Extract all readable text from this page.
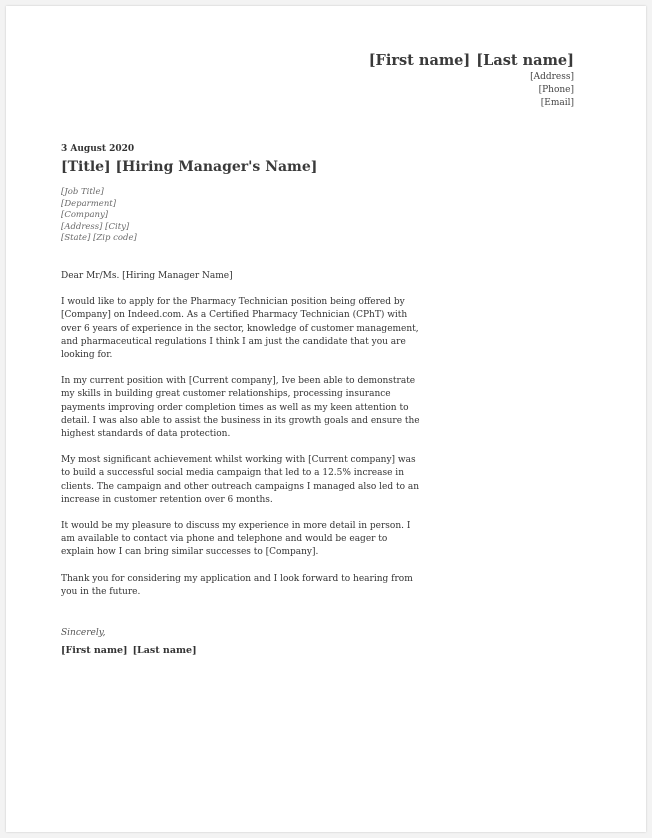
[First name] [Last name]
[Address]
[Phone]
[Email]
3 August 2020
[Title] [Hiring Manager's Name]
[Job Title]
[Deparment]
[Company]
[Address] [City]
[State] [Zip code]

Dear Mr/Ms. [Hiring Manager Name]

I would like to apply for the Pharmacy Technician position being offered by [Company] on Indeed.com. As a Certified Pharmacy Technician (CPhT) with over 6 years of experience in the sector, knowledge of customer management, and pharmaceutical regulations I think I am just the candidate that you are looking for.

In my current position with [Current company], Ive been able to demonstrate my skills in building great customer relationships, processing insurance payments improving order completion times as well as my keen attention to detail. I was also able to assist the business in its growth goals and ensure the highest standards of data protection.

My most significant achievement whilst working with [Current company] was to build a successful social media campaign that led to a 12.5% increase in clients. The campaign and other outreach campaigns I managed also led to an increase in customer retention over 6 months.

It would be my pleasure to discuss my experience in more detail in person. I am available to contact via phone and telephone and would be eager to explain how I can bring similar successes to [Company].

Thank you for considering my application and I look forward to hearing from you in the future.

Sincerely,
[First name] [Last name]
